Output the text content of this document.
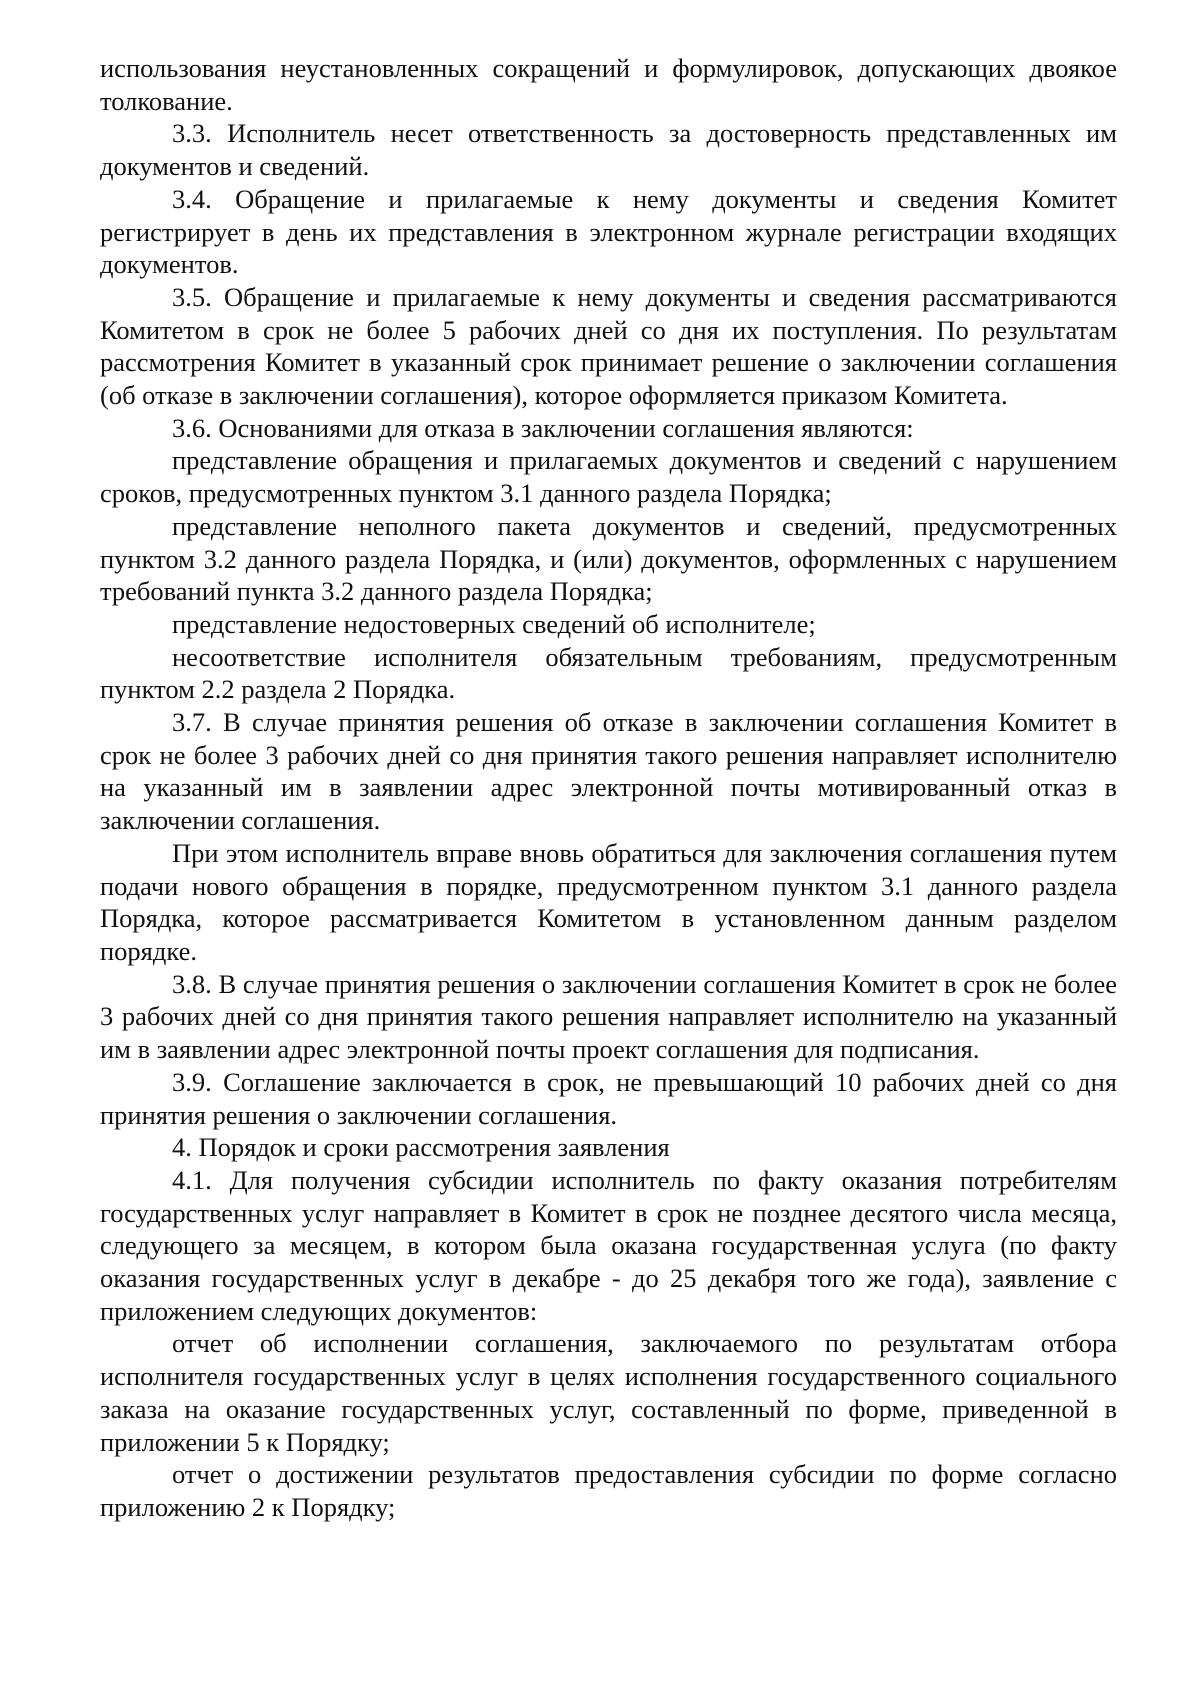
использования неустановленных сокращений и формулировок, допускающих двоякое толкование.

3.3. Исполнитель несет ответственность за достоверность представленных им документов и сведений.

3.4. Обращение и прилагаемые к нему документы и сведения Комитет регистрирует в день их представления в электронном журнале регистрации входящих документов.

3.5. Обращение и прилагаемые к нему документы и сведения рассматриваются Комитетом в срок не более 5 рабочих дней со дня их поступления. По результатам рассмотрения Комитет в указанный срок принимает решение о заключении соглашения (об отказе в заключении соглашения), которое оформляется приказом Комитета.

3.6. Основаниями для отказа в заключении соглашения являются:

представление обращения и прилагаемых документов и сведений с нарушением сроков, предусмотренных пунктом 3.1 данного раздела Порядка;

представление неполного пакета документов и сведений, предусмотренных пунктом 3.2 данного раздела Порядка, и (или) документов, оформленных с нарушением требований пункта 3.2 данного раздела Порядка;

представление недостоверных сведений об исполнителе;

несоответствие исполнителя обязательным требованиям, предусмотренным пунктом 2.2 раздела 2 Порядка.

3.7. В случае принятия решения об отказе в заключении соглашения Комитет в срок не более 3 рабочих дней со дня принятия такого решения направляет исполнителю на указанный им в заявлении адрес электронной почты мотивированный отказ в заключении соглашения.

При этом исполнитель вправе вновь обратиться для заключения соглашения путем подачи нового обращения в порядке, предусмотренном пунктом 3.1 данного раздела Порядка, которое рассматривается Комитетом в установленном данным разделом порядке.

3.8. В случае принятия решения о заключении соглашения Комитет в срок не более 3 рабочих дней со дня принятия такого решения направляет исполнителю на указанный им в заявлении адрес электронной почты проект соглашения для подписания.

3.9. Соглашение заключается в срок, не превышающий 10 рабочих дней со дня принятия решения о заключении соглашения.

4. Порядок и сроки рассмотрения заявления

4.1. Для получения субсидии исполнитель по факту оказания потребителям государственных услуг направляет в Комитет в срок не позднее десятого числа месяца, следующего за месяцем, в котором была оказана государственная услуга (по факту оказания государственных услуг в декабре - до 25 декабря того же года), заявление с приложением следующих документов:

отчет об исполнении соглашения, заключаемого по результатам отбора исполнителя государственных услуг в целях исполнения государственного социального заказа на оказание государственных услуг, составленный по форме, приведенной в приложении 5 к Порядку;

отчет о достижении результатов предоставления субсидии по форме согласно приложению 2 к Порядку;
